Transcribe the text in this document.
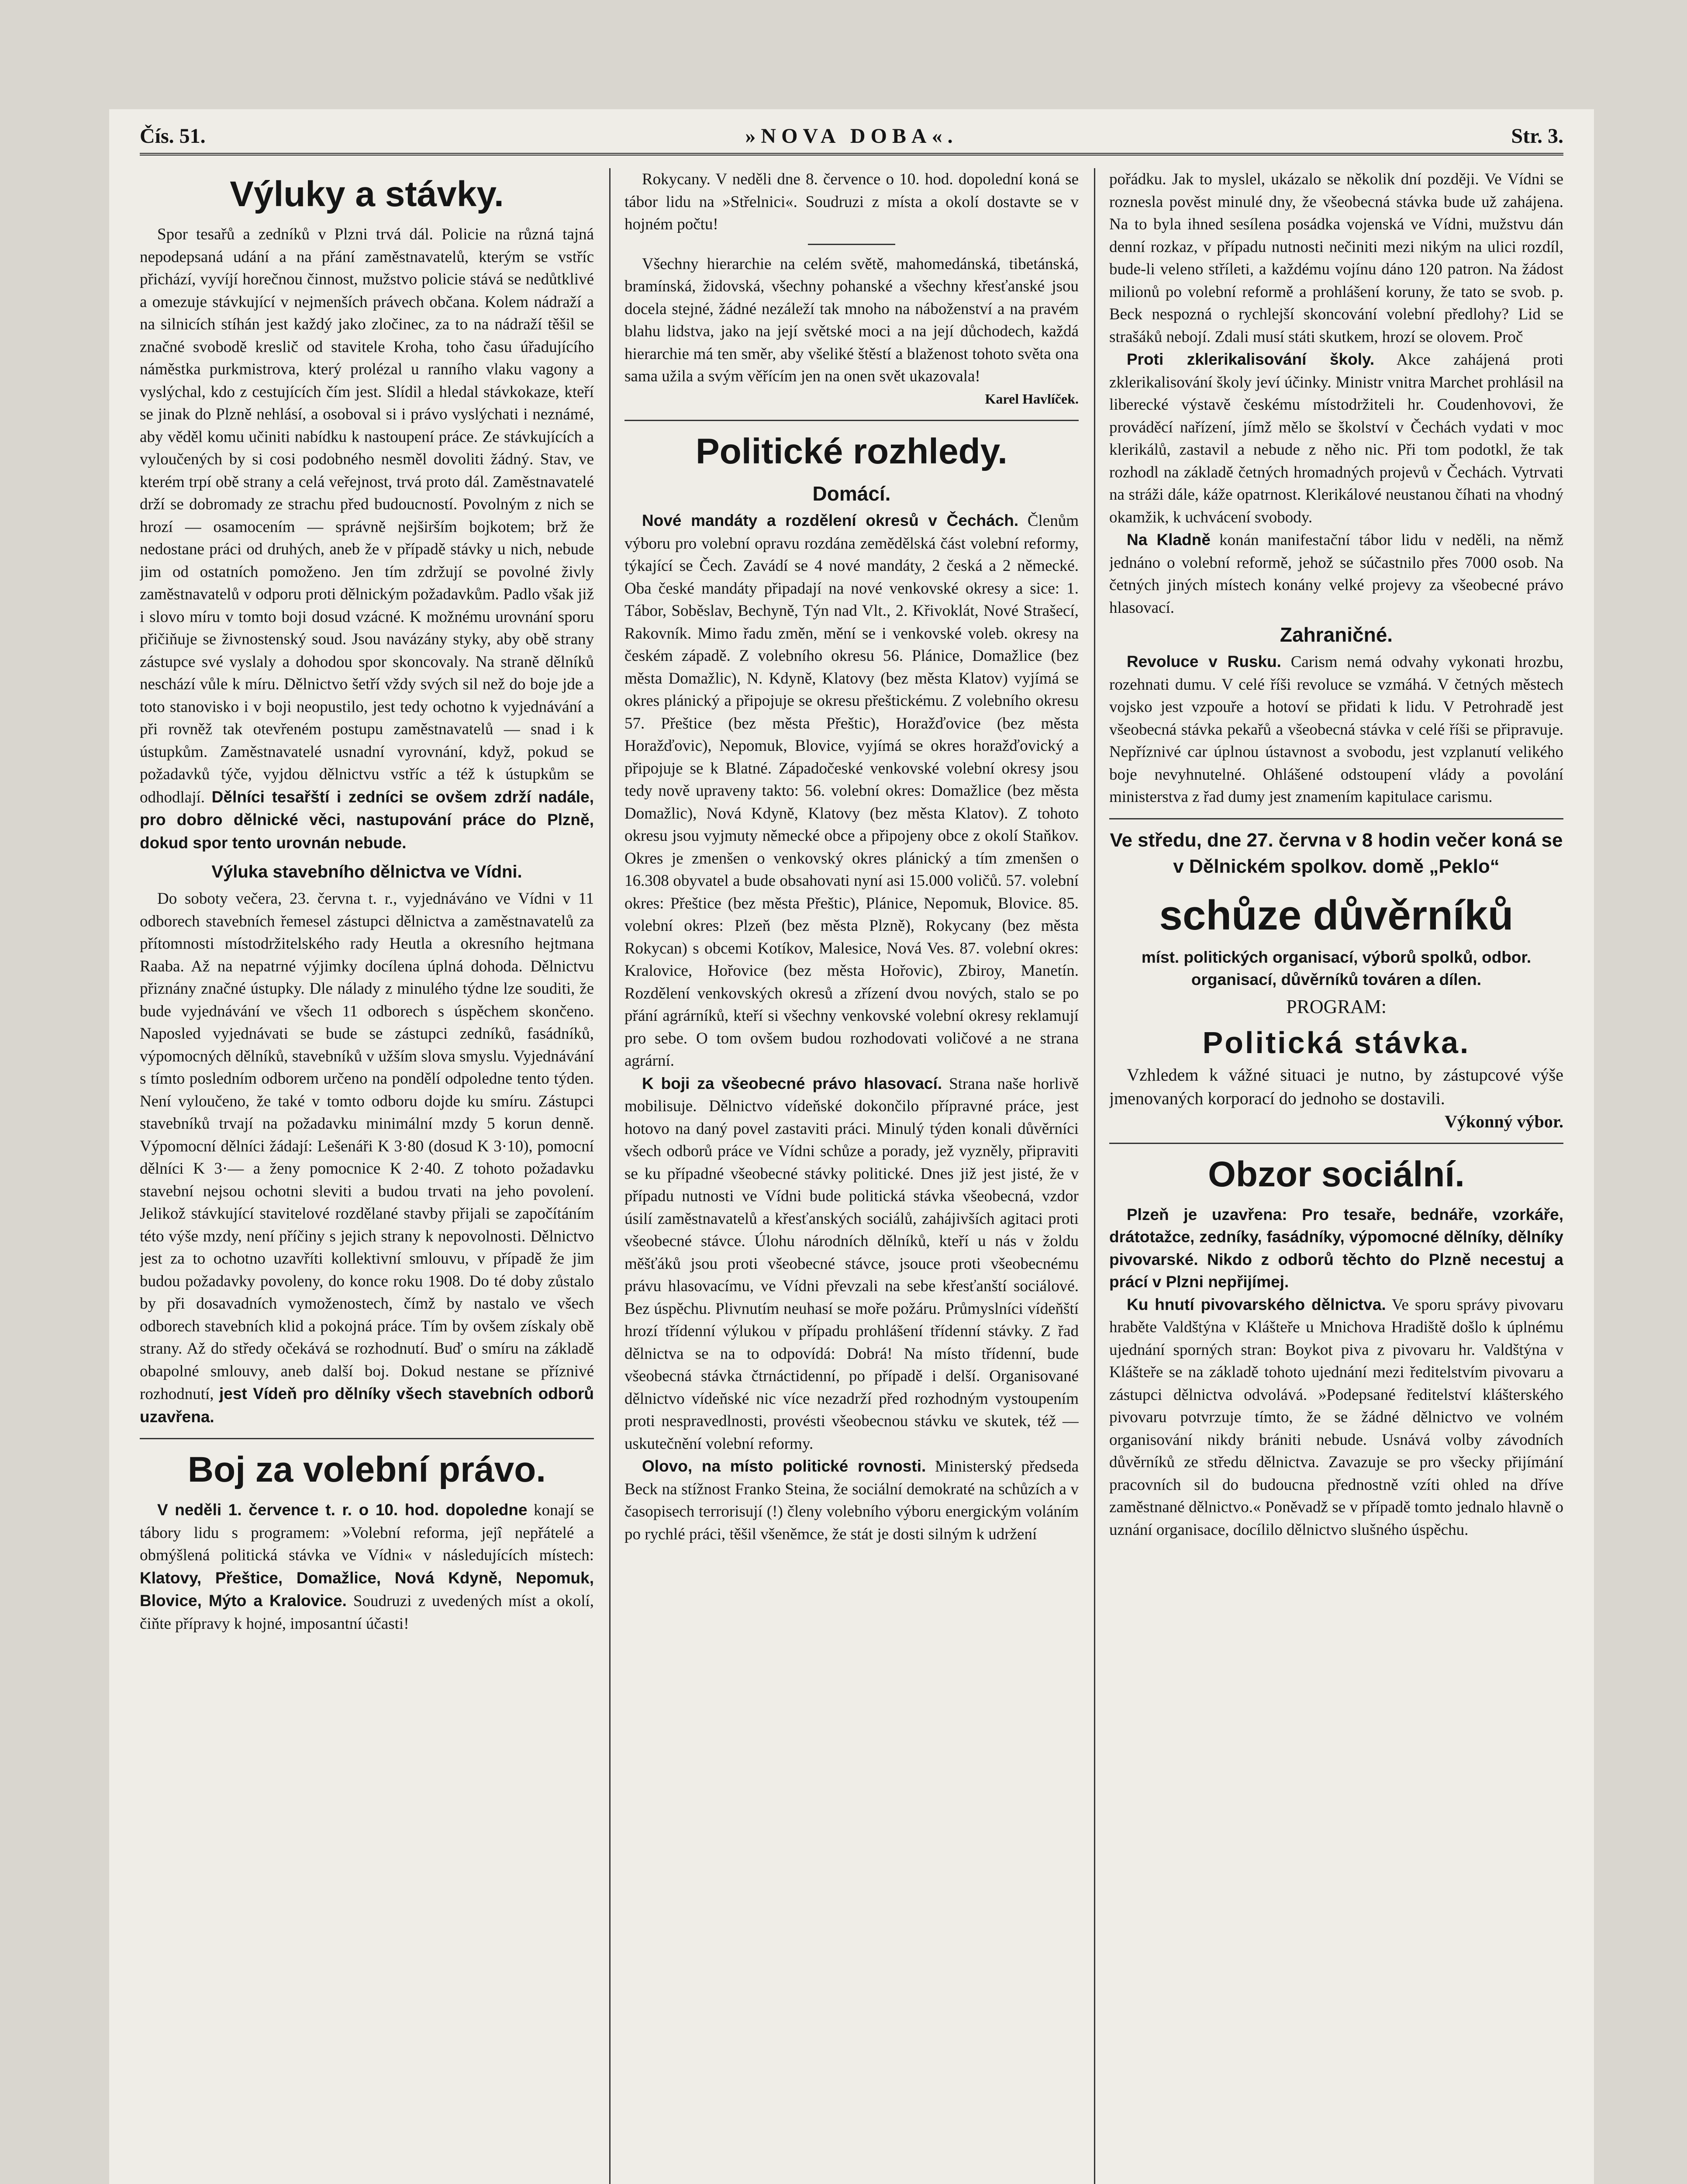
Čís. 51.	»NOVA DOBA«.	Str. 3.
Výluky a stávky.

Spor tesařů a zedníků v Plzni trvá dál. Policie na různá tajná nepodepsaná udání a na přání zaměstnavatelů, kterým se vstříc přichází, vyvíjí horečnou činnost, mužstvo policie stává se nedůtklivé a omezuje stávkující v nejmenších právech občana. Kolem nádraží a na silnicích stíhán jest každý jako zločinec, za to na nádraží těšil se značné svobodě kreslič od stavitele Kroha, toho času úřadujícího náměstka purkmistrova, který prolézal u ranního vlaku vagony a vyslýchal, kdo z cestujících čím jest. Slídil a hledal stávkokaze, kteří se jinak do Plzně nehlásí, a osoboval si i právo vyslýchati i neznámé, aby věděl komu učiniti nabídku k nastoupení práce. Ze stávkujících a vyloučených by si cosi podobného nesměl dovoliti žádný. Stav, ve kterém trpí obě strany a celá veřejnost, trvá proto dál. Zaměstnavatelé drží se dobromady ze strachu před budoucností. Povolným z nich se hrozí — osamocením — správně nejširším bojkotem; brž že nedostane práci od druhých, aneb že v případě stávky u nich, nebude jim od ostatních pomoženo. Jen tím zdržují se povolné živly zaměstnavatelů v odporu proti dělnickým požadavkům. Padlo však již i slovo míru v tomto boji dosud vzácné. K možnému urovnání sporu přičiňuje se živnostenský soud. Jsou navázány styky, aby obě strany zástupce své vyslaly a dohodou spor skoncovaly. Na straně dělníků neschází vůle k míru. Dělnictvo šetří vždy svých sil než do boje jde a toto stanovisko i v boji neopustilo, jest tedy ochotno k vyjednávání a při rovněž tak otevřeném postupu zaměstnavatelů — snad i k ústupkům. Zaměstnavatelé usnadní vyrovnání, když, pokud se požadavků týče, vyjdou dělnictvu vstříc a též k ústupkům se odhodlají. Dělníci tesařští i zedníci se ovšem zdrží nadále, pro dobro dělnické věci, nastupování práce do Plzně, dokud spor tento urovnán nebude.

Výluka stavebního dělnictva ve Vídni.

Do soboty večera, 23. června t. r., vyjednáváno ve Vídni v 11 odborech stavebních řemesel zástupci dělnictva a zaměstnavatelů za přítomnosti místodržitelského rady Heutla a okresního hejtmana Raaba. Až na nepatrné výjimky docílena úplná dohoda. Dělnictvu přiznány značné ústupky. Dle nálady z minulého týdne lze souditi, že bude vyjednávání ve všech 11 odborech s úspěchem skončeno. Naposled vyjednávati se bude se zástupci zedníků, fasádníků, výpomocných dělníků, stavebníků v užším slova smyslu. Vyjednávání s tímto posledním odborem určeno na pondělí odpoledne tento týden. Není vyloučeno, že také v tomto odboru dojde ku smíru. Zástupci stavebníků trvají na požadavku minimální mzdy 5 korun denně. Výpomocní dělníci žádají: Lešenáři K 3·80 (dosud K 3·10), pomocní dělníci K 3·— a ženy pomocnice K 2·40. Z tohoto požadavku stavební nejsou ochotni sleviti a budou trvati na jeho povolení. Jelikož stávkující stavitelové rozdělané stavby přijali se započítáním této výše mzdy, není příčiny s jejich strany k nepovolnosti. Dělnictvo jest za to ochotno uzavříti kollektivní smlouvu, v případě že jim budou požadavky povoleny, do konce roku 1908. Do té doby zůstalo by při dosavadních vymoženostech, čímž by nastalo ve všech odborech stavebních klid a pokojná práce. Tím by ovšem získaly obě strany. Až do středy očekává se rozhodnutí. Buď o smíru na základě obapolné smlouvy, aneb další boj. Dokud nestane se příznivé rozhodnutí, jest Vídeň pro dělníky všech stavebních odborů uzavřena.

Boj za volební právo.

V neděli 1. července t. r. o 10. hod. dopoledne konají se tábory lidu s programem: »Volební reforma, jejî nepřátelé a obmýšlená politická stávka ve Vídni« v následujících místech: Klatovy, Přeštice, Domažlice, Nová Kdyně, Nepomuk, Blovice, Mýto a Kralovice. Soudruzi z uvedených míst a okolí, čiňte přípravy k hojné, imposantní účasti!

Rokycany. V neděli dne 8. července o 10. hod. dopolední koná se tábor lidu na »Střelnici«. Soudruzi z místa a okolí dostavte se v hojném počtu!

Všechny hierarchie na celém světě, mahomedánská, tibetánská, bramínská, židovská, všechny pohanské a všechny křesťanské jsou docela stejné, žádné nezáleží tak mnoho na náboženství a na pravém blahu lidstva, jako na její světské moci a na její důchodech, každá hierarchie má ten směr, aby všeliké štěstí a blaženost tohoto světa ona sama užila a svým věřícím jen na onen svět ukazovala!

Karel Havlíček.
Politické rozhledy.
Domácí.

Nové mandáty a rozdělení okresů v Čechách. Členům výboru pro volební opravu rozdána zemědělská část volební reformy, týkající se Čech. Zavádí se 4 nové mandáty, 2 česká a 2 německé. Oba české mandáty připadají na nové venkovské okresy a sice: 1. Tábor, Soběslav, Bechyně, Týn nad Vlt., 2. Křivoklát, Nové Strašecí, Rakovník. Mimo řadu změn, mění se i venkovské voleb. okresy na českém západě. Z volebního okresu 56. Plánice, Domažlice (bez města Domažlic), N. Kdyně, Klatovy (bez města Klatov) vyjímá se okres plánický a připojuje se okresu přeštickému. Z volebního okresu 57. Přeštice (bez města Přeštic), Horažďovice (bez města Horažďovic), Nepomuk, Blovice, vyjímá se okres horažďovický a připojuje se k Blatné. Západočeské venkovské volební okresy jsou tedy nově upraveny takto: 56. volební okres: Domažlice (bez města Domažlic), Nová Kdyně, Klatovy (bez města Klatov). Z tohoto okresu jsou vyjmuty německé obce a připojeny obce z okolí Staňkov. Okres je zmenšen o venkovský okres plánický a tím zmenšen o 16.308 obyvatel a bude obsahovati nyní asi 15.000 voličů. 57. volební okres: Přeštice (bez města Přeštic), Plánice, Nepomuk, Blovice. 85. volební okres: Plzeň (bez města Plzně), Rokycany (bez města Rokycan) s obcemi Kotíkov, Malesice, Nová Ves. 87. volební okres: Kralovice, Hořovice (bez města Hořovic), Zbiroy, Manetín. Rozdělení venkovských okresů a zřízení dvou nových, stalo se po přání agrárníků, kteří si všechny venkovské volební okresy reklamují pro sebe. O tom ovšem budou rozhodovati voličové a ne strana agrární.

K boji za všeobecné právo hlasovací. Strana naše horlivě mobilisuje. Dělnictvo vídeňské dokončilo přípravné práce, jest hotovo na daný povel zastaviti práci. Minulý týden konali důvěrníci všech odborů práce ve Vídni schůze a porady, jež vyzněly, připraviti se ku případné všeobecné stávky politické. Dnes již jest jisté, že v případu nutnosti ve Vídni bude politická stávka všeobecná, vzdor úsilí zaměstnavatelů a křesťanských sociálů, zahájivších agitaci proti všeobecné stávce. Úlohu národních dělníků, kteří u nás v žoldu měšťáků jsou proti všeobecné stávce, jsouce proti všeobecnému právu hlasovacímu, ve Vídni převzali na sebe křesťanští sociálové. Bez úspěchu. Plivnutím neuhasí se moře požáru. Průmyslníci vídeňští hrozí třídenní výlukou v případu prohlášení třídenní stávky. Z řad dělnictva se na to odpovídá: Dobrá! Na místo třídenní, bude všeobecná stávka čtrnáctidenní, po případě i delší. Organisované dělnictvo vídeňské nic více nezadrží před rozhodným vystoupením proti nespravedlnosti, provésti všeobecnou stávku ve skutek, též — uskutečnění volební reformy.

Olovo, na místo politické rovnosti. Ministerský předseda Beck na stížnost Franko Steina, že sociální demokraté na schůzích a v časopisech terrorisují (!) členy volebního výboru energickým voláním po rychlé práci, těšil všeněmce, že stát je dosti silným k udržení

pořádku. Jak to myslel, ukázalo se několik dní později. Ve Vídni se roznesla pověst minulé dny, že všeobecná stávka bude už zahájena. Na to byla ihned sesílena posádka vojenská ve Vídni, mužstvu dán denní rozkaz, v případu nutnosti nečiniti mezi nikým na ulici rozdíl, bude-li veleno stříleti, a každému vojínu dáno 120 patron. Na žádost milionů po volební reformě a prohlášení koruny, že tato se svob. p. Beck nespozná o rychlejší skoncování volební předlohy? Lid se strašáků nebojí. Zdali musí státi skutkem, hrozí se olovem. Proč

Proti zklerikalisování školy. Akce zahájená proti zklerikalisování školy jeví účinky. Ministr vnitra Marchet prohlásil na liberecké výstavě českému místodržiteli hr. Coudenhovovi, že prováděcí nařízení, jímž mělo se školství v Čechách vydati v moc klerikálů, zastavil a nebude z něho nic. Při tom podotkl, že tak rozhodl na základě četných hromadných projevů v Čechách. Vytrvati na stráži dále, káže opatrnost. Klerikálové neustanou číhati na vhodný okamžik, k uchvácení svobody.

Na Kladně konán manifestační tábor lidu v neděli, na němž jednáno o volební reformě, jehož se súčastnilo přes 7000 osob. Na četných jiných místech konány velké projevy za všeobecné právo hlasovací.

Zahraničné.

Revoluce v Rusku. Carism nemá odvahy vykonati hrozbu, rozehnati dumu. V celé říši revoluce se vzmáhá. V četných městech vojsko jest vzpouře a hotoví se přidati k lidu. V Petrohradě jest všeobecná stávka pekařů a všeobecná stávka v celé říši se připravuje. Nepříznivé car úplnou ústavnost a svobodu, jest vzplanutí velikého boje nevyhnutelné. Ohlášené odstoupení vlády a povolání ministerstva z řad dumy jest znamením kapitulace carismu.

Ve středu, dne 27. června v 8 hodin večer koná se v Dělnickém spolkov. domě „Peklo“
schůze důvěrníků
míst. politických organisací, výborů spolků, odbor. organisací, důvěrníků továren a dílen.
PROGRAM:
Politická stávka.

Vzhledem k vážné situaci je nutno, by zástupcové výše jmenovaných korporací do jednoho se dostavili.

Výkonný výbor.
Obzor sociální.

Plzeň je uzavřena: Pro tesaře, bednáře, vzorkáře, drátotažce, zedníky, fasádníky, výpomocné dělníky, dělníky pivovarské. Nikdo z odborů těchto do Plzně necestuj a prácí v Plzni nepřijímej.

Ku hnutí pivovarského dělnictva. Ve sporu správy pivovaru hraběte Valdštýna v Klášteře u Mnichova Hradiště došlo k úplnému ujednání sporných stran: Boykot piva z pivovaru hr. Valdštýna v Klášteře se na základě tohoto ujednání mezi ředitelstvím pivovaru a zástupci dělnictva odvolává. »Podepsané ředitelství klášterského pivovaru potvrzuje tímto, že se žádné dělnictvo ve volném organisování nikdy brániti nebude. Usnává volby závodních důvěrníků ze středu dělnictva. Zavazuje se pro všecky přijímání pracovních sil do budoucna přednostně vzíti ohled na dříve zaměstnané dělnictvo.« Poněvadž se v případě tomto jednalo hlavně o uznání organisace, docílilo dělnictvo slušného úspěchu.
